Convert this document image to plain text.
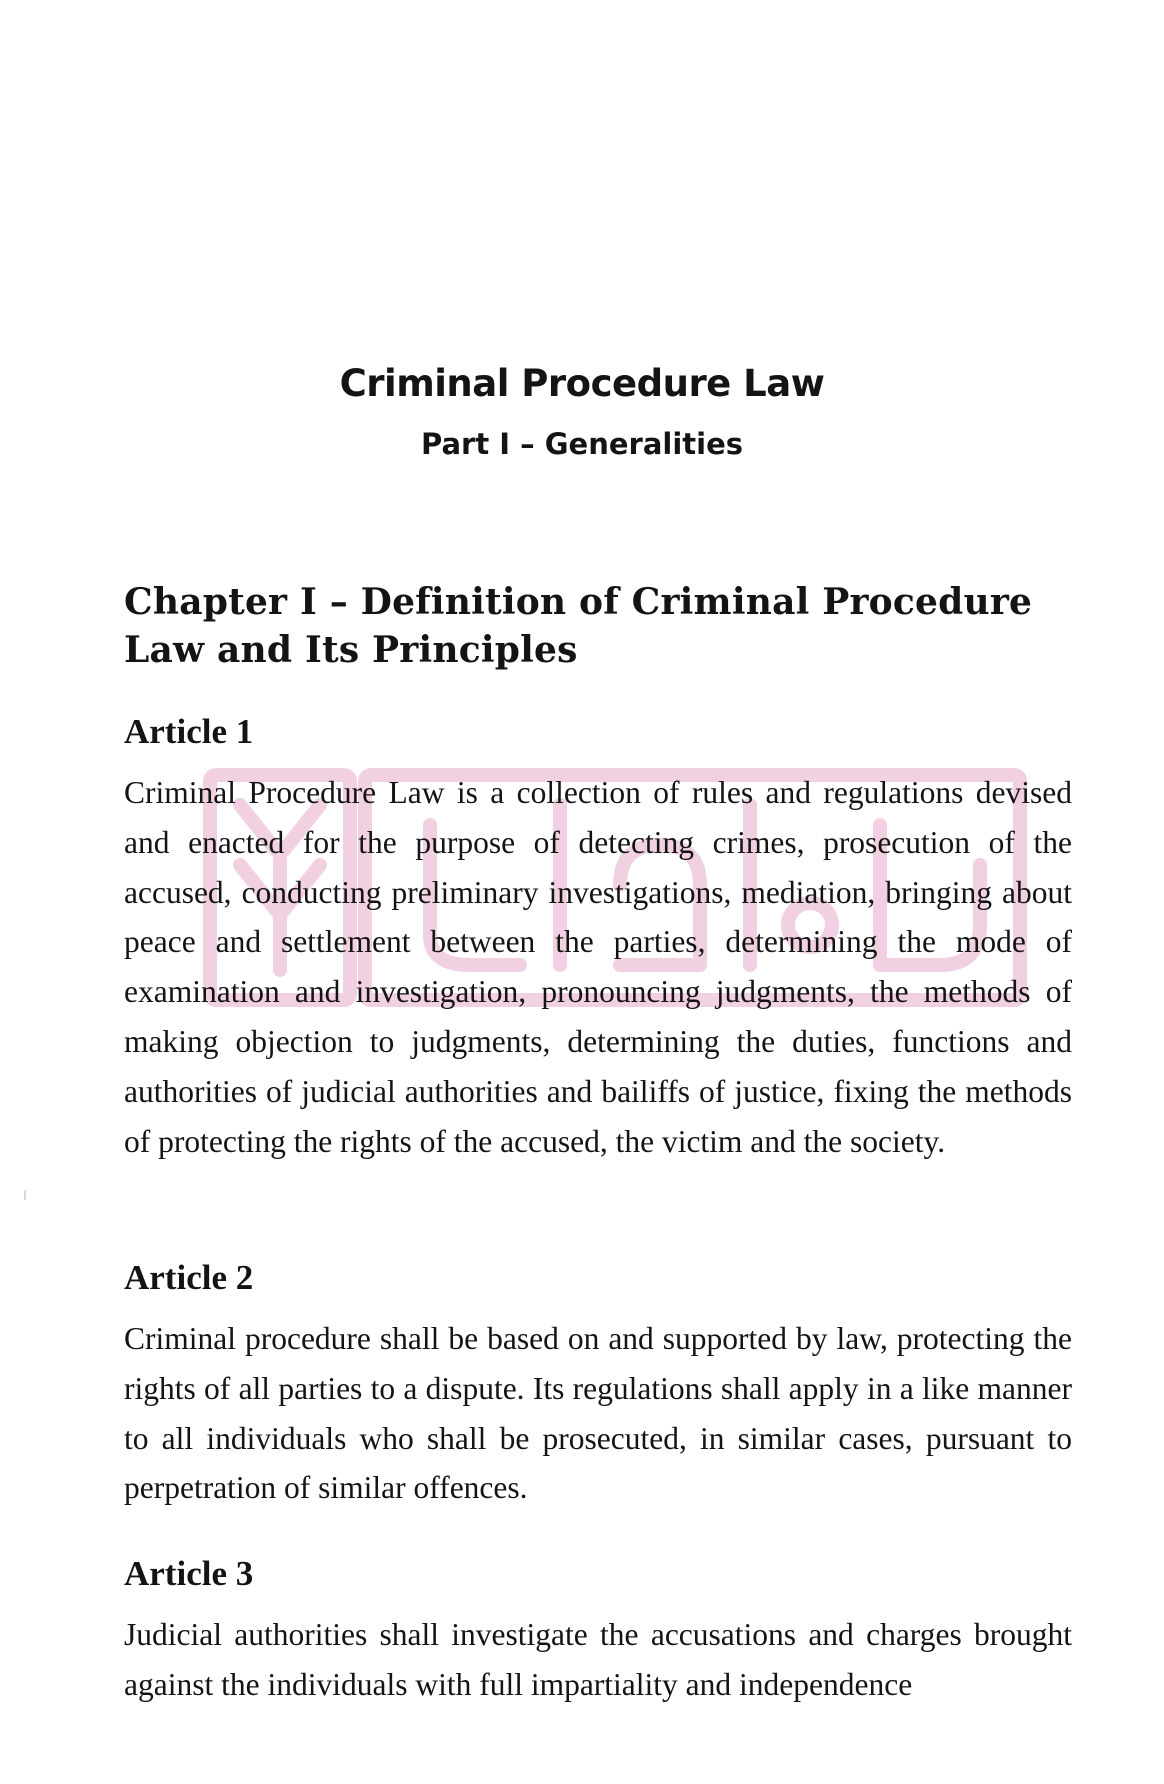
Criminal Procedure Law
Part I – Generalities
Chapter I – Definition of Criminal Procedure
Law and Its Principles
Article 1

Criminal Procedure Law is a collection of rules and regulations devised and enacted for the purpose of detecting crimes, prosecution of the accused, conducting preliminary investigations, mediation, bringing about peace and settlement between the parties, determining the mode of examination and investigation, pronouncing judgments, the methods of making objection to judgments, determining the duties, functions and authorities of judicial authorities and bailiffs of justice, fixing the methods of protecting the rights of the accused, the victim and the society.

Article 2

Criminal procedure shall be based on and supported by law, protecting the rights of all parties to a dispute. Its regulations shall apply in a like manner to all individuals who shall be prosecuted, in similar cases, pursuant to perpetration of similar offences.

Article 3

Judicial authorities shall investigate the accusations and charges brought against the individuals with full impartiality and independence
